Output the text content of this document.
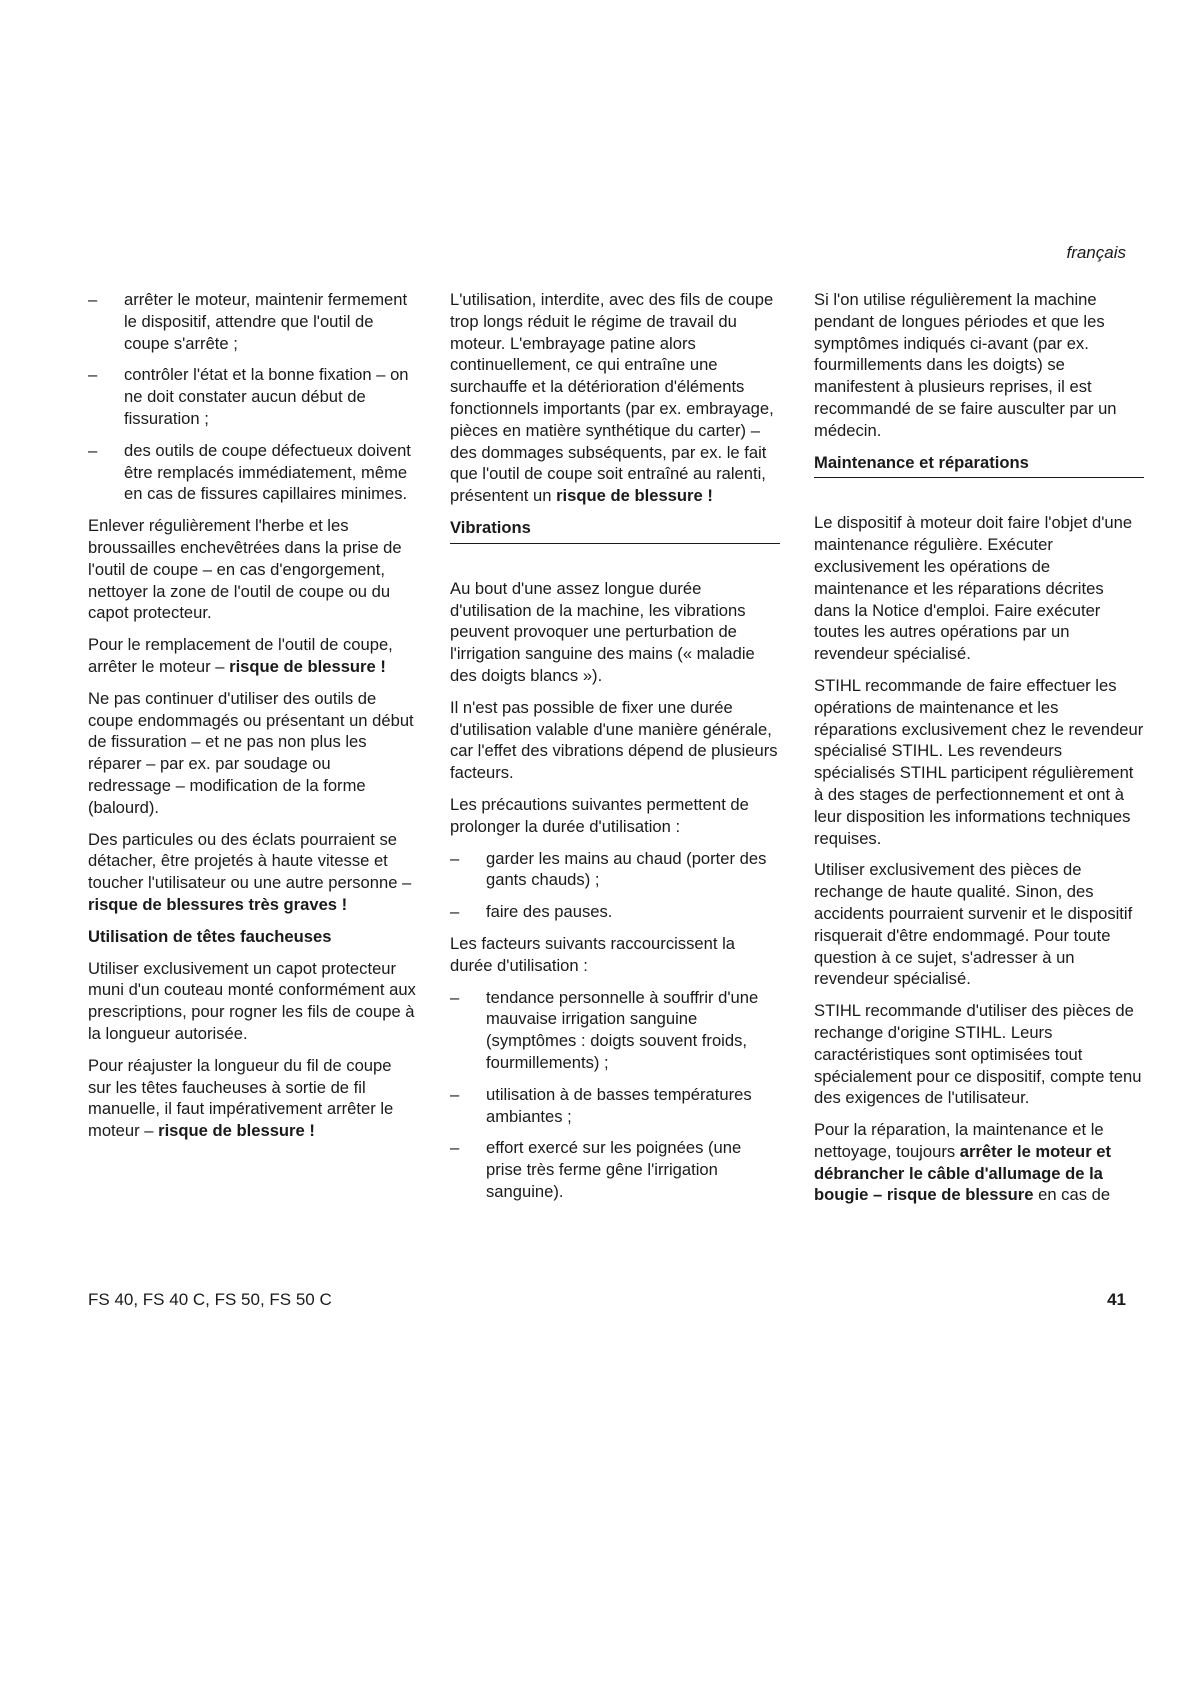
français
– arrêter le moteur, maintenir fermement le dispositif, attendre que l'outil de coupe s'arrête ;
– contrôler l'état et la bonne fixation – on ne doit constater aucun début de fissuration ;
– des outils de coupe défectueux doivent être remplacés immédiatement, même en cas de fissures capillaires minimes.

Enlever régulièrement l'herbe et les broussailles enchevêtrées dans la prise de l'outil de coupe – en cas d'engorgement, nettoyer la zone de l'outil de coupe ou du capot protecteur.

Pour le remplacement de l'outil de coupe, arrêter le moteur – risque de blessure !

Ne pas continuer d'utiliser des outils de coupe endommagés ou présentant un début de fissuration – et ne pas non plus les réparer – par ex. par soudage ou redressage – modification de la forme (balourd).

Des particules ou des éclats pourraient se détacher, être projetés à haute vitesse et toucher l'utilisateur ou une autre personne – risque de blessures très graves !

Utilisation de têtes faucheuses

Utiliser exclusivement un capot protecteur muni d'un couteau monté conformément aux prescriptions, pour rogner les fils de coupe à la longueur autorisée.

Pour réajuster la longueur du fil de coupe sur les têtes faucheuses à sortie de fil manuelle, il faut impérativement arrêter le moteur – risque de blessure !

L'utilisation, interdite, avec des fils de coupe trop longs réduit le régime de travail du moteur. L'embrayage patine alors continuellement, ce qui entraîne une surchauffe et la détérioration d'éléments fonctionnels importants (par ex. embrayage, pièces en matière synthétique du carter) – des dommages subséquents, par ex. le fait que l'outil de coupe soit entraîné au ralenti, présentent un risque de blessure !

Vibrations

Au bout d'une assez longue durée d'utilisation de la machine, les vibrations peuvent provoquer une perturbation de l'irrigation sanguine des mains (« maladie des doigts blancs »).

Il n'est pas possible de fixer une durée d'utilisation valable d'une manière générale, car l'effet des vibrations dépend de plusieurs facteurs.

Les précautions suivantes permettent de prolonger la durée d'utilisation :

– garder les mains au chaud (porter des gants chauds) ;
– faire des pauses.

Les facteurs suivants raccourcissent la durée d'utilisation :

– tendance personnelle à souffrir d'une mauvaise irrigation sanguine (symptômes : doigts souvent froids, fourmillements) ;
– utilisation à de basses températures ambiantes ;
– effort exercé sur les poignées (une prise très ferme gêne l'irrigation sanguine).

Si l'on utilise régulièrement la machine pendant de longues périodes et que les symptômes indiqués ci-avant (par ex. fourmillements dans les doigts) se manifestent à plusieurs reprises, il est recommandé de se faire ausculter par un médecin.

Maintenance et réparations

Le dispositif à moteur doit faire l'objet d'une maintenance régulière. Exécuter exclusivement les opérations de maintenance et les réparations décrites dans la Notice d'emploi. Faire exécuter toutes les autres opérations par un revendeur spécialisé.

STIHL recommande de faire effectuer les opérations de maintenance et les réparations exclusivement chez le revendeur spécialisé STIHL. Les revendeurs spécialisés STIHL participent régulièrement à des stages de perfectionnement et ont à leur disposition les informations techniques requises.

Utiliser exclusivement des pièces de rechange de haute qualité. Sinon, des accidents pourraient survenir et le dispositif risquerait d'être endommagé. Pour toute question à ce sujet, s'adresser à un revendeur spécialisé.

STIHL recommande d'utiliser des pièces de rechange d'origine STIHL. Leurs caractéristiques sont optimisées tout spécialement pour ce dispositif, compte tenu des exigences de l'utilisateur.

Pour la réparation, la maintenance et le nettoyage, toujours arrêter le moteur et débrancher le câble d'allumage de la bougie – risque de blessure en cas de

FS 40, FS 40 C, FS 50, FS 50 C	41
